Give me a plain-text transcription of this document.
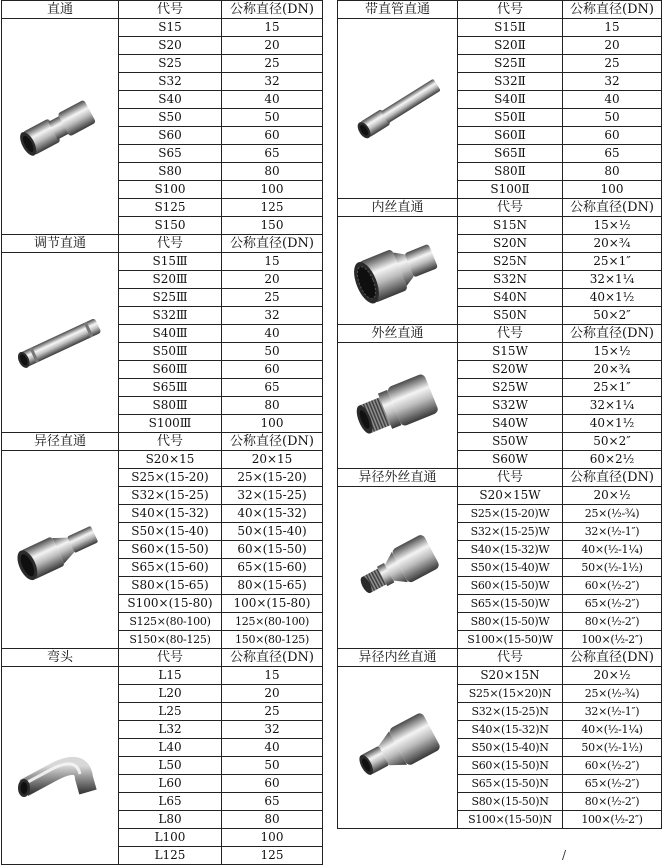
直通	代号	公称直径(DN)

	S15	15
	S20	20
	S25	25
	S32	32
	S40	40
	S50	50
	S60	60
	S65	65
	S80	80
	S100	100
	S125	125
	S150	150
调节直通	代号	公称直径(DN)

	S15Ⅲ	15
	S20Ⅲ	20
	S25Ⅲ	25
	S32Ⅲ	32
	S40Ⅲ	40
	S50Ⅲ	50
	S60Ⅲ	60
	S65Ⅲ	65
	S80Ⅲ	80
	S100Ⅲ	100
异径直通	代号	公称直径(DN)

	S20×15	20×15
	S25×(15-20)	25×(15-20)
	S32×(15-25)	32×(15-25)
	S40×(15-32)	40×(15-32)
	S50×(15-40)	50×(15-40)
	S60×(15-50)	60×(15-50)
	S65×(15-60)	65×(15-60)
	S80×(15-65)	80×(15-65)
	S100×(15-80)	100×(15-80)
	S125×(80-100)	125×(80-100)
	S150×(80-125)	150×(80-125)
弯头	代号	公称直径(DN)

	L15	15
	L20	20
	L25	25
	L32	32
	L40	40
	L50	50
	L60	60
	L65	65
	L80	80
	L100	100
	L125	125
带直管直通	代号	公称直径(DN)

	S15Ⅱ	15
	S20Ⅱ	20
	S25Ⅱ	25
	S32Ⅱ	32
	S40Ⅱ	40
	S50Ⅱ	50
	S60Ⅱ	60
	S65Ⅱ	65
	S80Ⅱ	80
	S100Ⅱ	100
内丝直通	代号	公称直径(DN)

	S15N	15×½
	S20N	20×¾
	S25N	25×1″
	S32N	32×1¼
	S40N	40×1½
	S50N	50×2″
外丝直通	代号	公称直径(DN)

	S15W	15×½
	S20W	20×¾
	S25W	25×1″
	S32W	32×1¼
	S40W	40×1½
	S50W	50×2″
	S60W	60×2½
异径外丝直通	代号	公称直径(DN)

	S20×15W	20×½
	S25×(15-20)W	25×(½-¾)
	S32×(15-25)W	32×(½-1″)
	S40×(15-32)W	40×(½-1¼)
	S50×(15-40)W	50×(½-1½)
	S60×(15-50)W	60×(½-2″)
	S65×(15-50)W	65×(½-2″)
	S80×(15-50)W	80×(½-2″)
	S100×(15-50)W	100×(½-2″)
异径内丝直通	代号	公称直径(DN)

	S20×15N	20×½
	S25×(15×20)N	25×(½-¾)
	S32×(15-25)N	32×(½-1″)
	S40×(15-32)N	40×(½-1¼)
	S50×(15-40)N	50×(½-1½)
	S60×(15-50)N	60×(½-2″)
	S65×(15-50)N	65×(½-2″)
	S80×(15-50)N	80×(½-2″)
	S100×(15-50)N	100×(½-2″)
/
